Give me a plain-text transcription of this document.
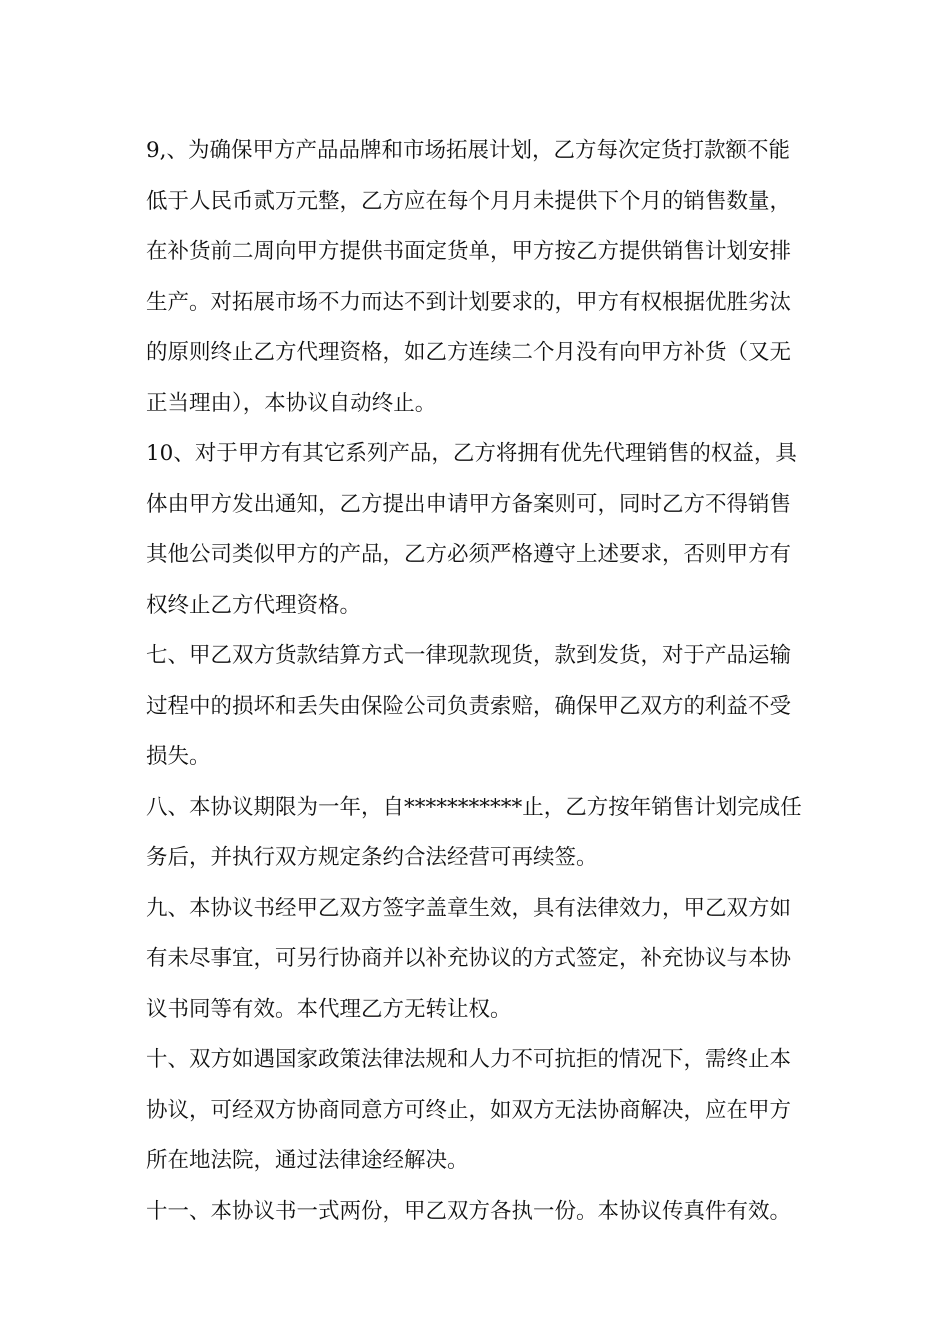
9,、为确保甲方产品品牌和市场拓展计划，乙方每次定货打款额不能低于人民币贰万元整，乙方应在每个月月未提供下个月的销售数量，在补货前二周向甲方提供书面定货单，甲方按乙方提供销售计划安排生产。对拓展市场不力而达不到计划要求的，甲方有权根据优胜劣汰的原则终止乙方代理资格，如乙方连续二个月没有向甲方补货（又无正当理由），本协议自动终止。

10、对于甲方有其它系列产品，乙方将拥有优先代理销售的权益，具体由甲方发出通知，乙方提出申请甲方备案则可，同时乙方不得销售其他公司类似甲方的产品，乙方必须严格遵守上述要求，否则甲方有权终止乙方代理资格。

七、甲乙双方货款结算方式一律现款现货，款到发货，对于产品运输过程中的损坏和丢失由保险公司负责索赔，确保甲乙双方的利益不受损失。

八、本协议期限为一年，自***********止，乙方按年销售计划完成任务后，并执行双方规定条约合法经营可再续签。

九、本协议书经甲乙双方签字盖章生效，具有法律效力，甲乙双方如有未尽事宜，可另行协商并以补充协议的方式签定，补充协议与本协议书同等有效。本代理乙方无转让权。

十、双方如遇国家政策法律法规和人力不可抗拒的情况下，需终止本协议，可经双方协商同意方可终止，如双方无法协商解决，应在甲方所在地法院，通过法律途经解决。

十一、本协议书一式两份，甲乙双方各执一份。本协议传真件有效。
